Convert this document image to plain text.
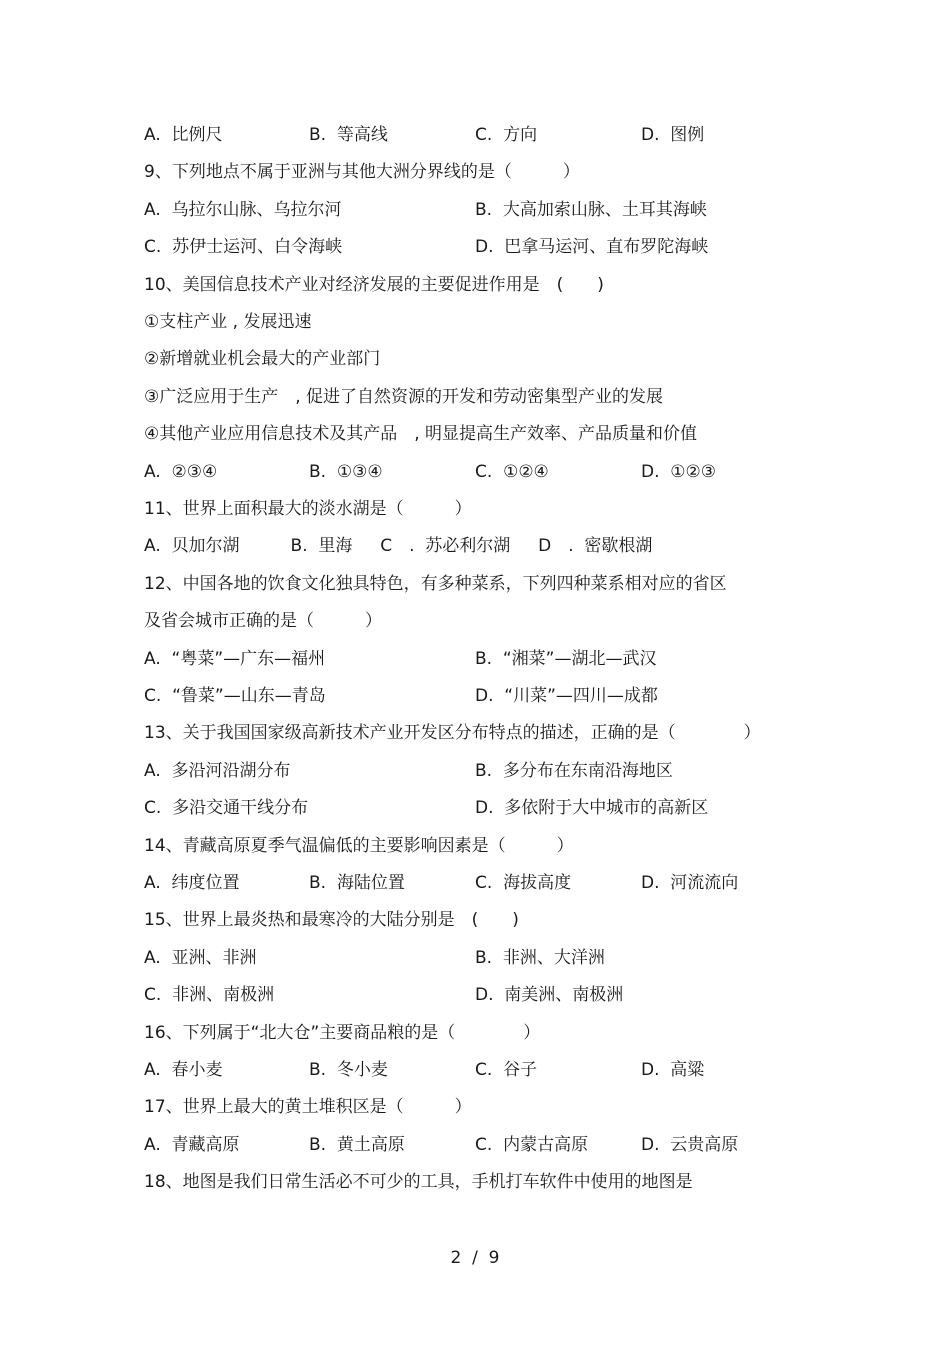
A.  比例尺	B.  等高线	C.  方向	D.  图例
9、下列地点不属于亚洲与其他大洲分界线的是（　　　）
A.  乌拉尔山脉、乌拉尔河	B.  大高加索山脉、土耳其海峡
C.  苏伊士运河、白令海峡	D.  巴拿马运河、直布罗陀海峡
10、美国信息技术产业对经济发展的主要促进作用是　(　　)
①支柱产业 , 发展迅速
②新增就业机会最大的产业部门
③广泛应用于生产　, 促进了自然资源的开发和劳动密集型产业的发展
④其他产业应用信息技术及其产品　, 明显提高生产效率、产品质量和价值
A.  ②③④	B.  ①③④	C.  ①②④	D.  ①②③
11、世界上面积最大的淡水湖是（　　　）
A.  贝加尔湖　　　B.  里海　  C　.  苏必利尔湖　  D　.  密歇根湖
12、中国各地的饮食文化独具特色，有多种菜系，下列四种菜系相对应的省区
及省会城市正确的是（　　　）
A.  “粤菜”—广东—福州	B.  “湘菜”—湖北—武汉
C.  “鲁菜”—山东—青岛	D.  “川菜”—四川—成都
13、关于我国国家级高新技术产业开发区分布特点的描述，正确的是（　　　　）
A.  多沿河沿湖分布	B.  多分布在东南沿海地区
C.  多沿交通干线分布	D.  多依附于大中城市的高新区
14、青藏高原夏季气温偏低的主要影响因素是（　　　）
A.  纬度位置	B.  海陆位置	C.  海拔高度	D.  河流流向
15、世界上最炎热和最寒冷的大陆分别是　(　　)
A.  亚洲、非洲	B.  非洲、大洋洲
C.  非洲、南极洲	D.  南美洲、南极洲
16、下列属于“北大仓”主要商品粮的是（　　　　）
A.  春小麦	B.  冬小麦	C.  谷子	D.  高粱
17、世界上最大的黄土堆积区是（　　　）
A.  青藏高原	B.  黄土高原	C.  内蒙古高原	D.  云贵高原
18、地图是我们日常生活必不可少的工具，手机打车软件中使用的地图是
2  /  9
